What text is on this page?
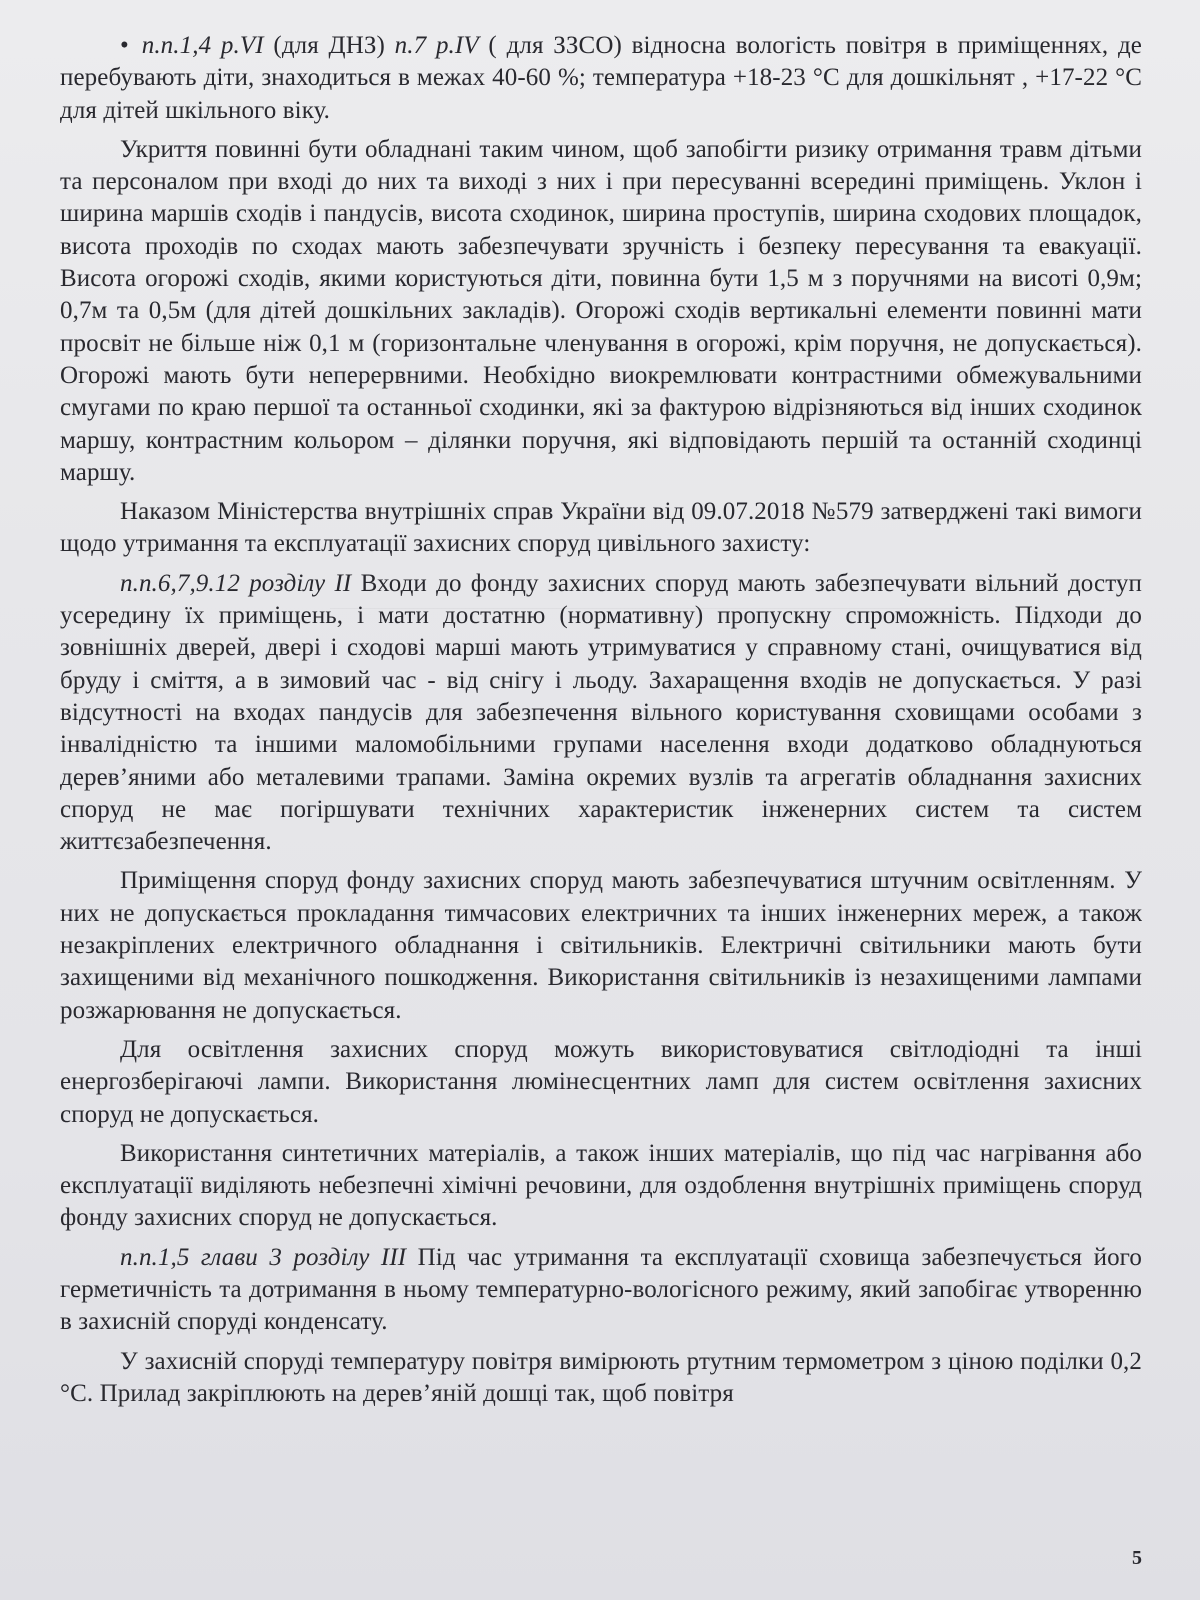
• п.п.1,4 р.VI (для ДНЗ) п.7 р.IV ( для ЗЗСО) відносна вологість повітря в приміщеннях, де перебувають діти, знаходиться в межах 40-60 %; температура +18-23 °С для дошкільнят , +17-22 °С для дітей шкільного віку.

Укриття повинні бути обладнані таким чином, щоб запобігти ризику отримання травм дітьми та персоналом при вході до них та виході з них і при пересуванні всередині приміщень. Уклон і ширина маршів сходів і пандусів, висота сходинок, ширина проступів, ширина сходових площадок, висота проходів по сходах мають забезпечувати зручність і безпеку пересування та евакуації. Висота огорожі сходів, якими користуються діти, повинна бути 1,5 м з поручнями на висоті 0,9м; 0,7м та 0,5м (для дітей дошкільних закладів). Огорожі сходів вертикальні елементи повинні мати просвіт не більше ніж 0,1 м (горизонтальне членування в огорожі, крім поручня, не допускається). Огорожі мають бути неперервними. Необхідно виокремлювати контрастними обмежувальними смугами по краю першої та останньої сходинки, які за фактурою відрізняються від інших сходинок маршу, контрастним кольором – ділянки поручня, які відповідають першій та останній сходинці маршу.

Наказом Міністерства внутрішніх справ України від 09.07.2018 №579 затверджені такі вимоги щодо утримання та експлуатації захисних споруд цивільного захисту:

п.п.6,7,9.12 розділу ІІ Входи до фонду захисних споруд мають забезпечувати вільний доступ усередину їх приміщень, і мати достатню (нормативну) пропускну спроможність. Підходи до зовнішніх дверей, двері і сходові марші мають утримуватися у справному стані, очищуватися від бруду і сміття, а в зимовий час - від снігу і льоду. Захаращення входів не допускається. У разі відсутності на входах пандусів для забезпечення вільного користування сховищами особами з інвалідністю та іншими маломобільними групами населення входи додатково обладнуються дерев’яними або металевими трапами. Заміна окремих вузлів та агрегатів обладнання захисних споруд не має погіршувати технічних характеристик інженерних систем та систем життєзабезпечення.

Приміщення споруд фонду захисних споруд мають забезпечуватися штучним освітленням. У них не допускається прокладання тимчасових електричних та інших інженерних мереж, а також незакріплених електричного обладнання і світильників. Електричні світильники мають бути захищеними від механічного пошкодження. Використання світильників із незахищеними лампами розжарювання не допускається.

Для освітлення захисних споруд можуть використовуватися світлодіодні та інші енергозберігаючі лампи. Використання люмінесцентних ламп для систем освітлення захисних споруд не допускається.

Використання синтетичних матеріалів, а також інших матеріалів, що під час нагрівання або експлуатації виділяють небезпечні хімічні речовини, для оздоблення внутрішніх приміщень споруд фонду захисних споруд не допускається.

п.п.1,5 глави 3 розділу ІІІ Під час утримання та експлуатації сховища забезпечується його герметичність та дотримання в ньому температурно-вологісного режиму, який запобігає утворенню в захисній споруді конденсату.

У захисній споруді температуру повітря вимірюють ртутним термометром з ціною поділки 0,2 °С. Прилад закріплюють на дерев’яній дошці так, щоб повітря

5
